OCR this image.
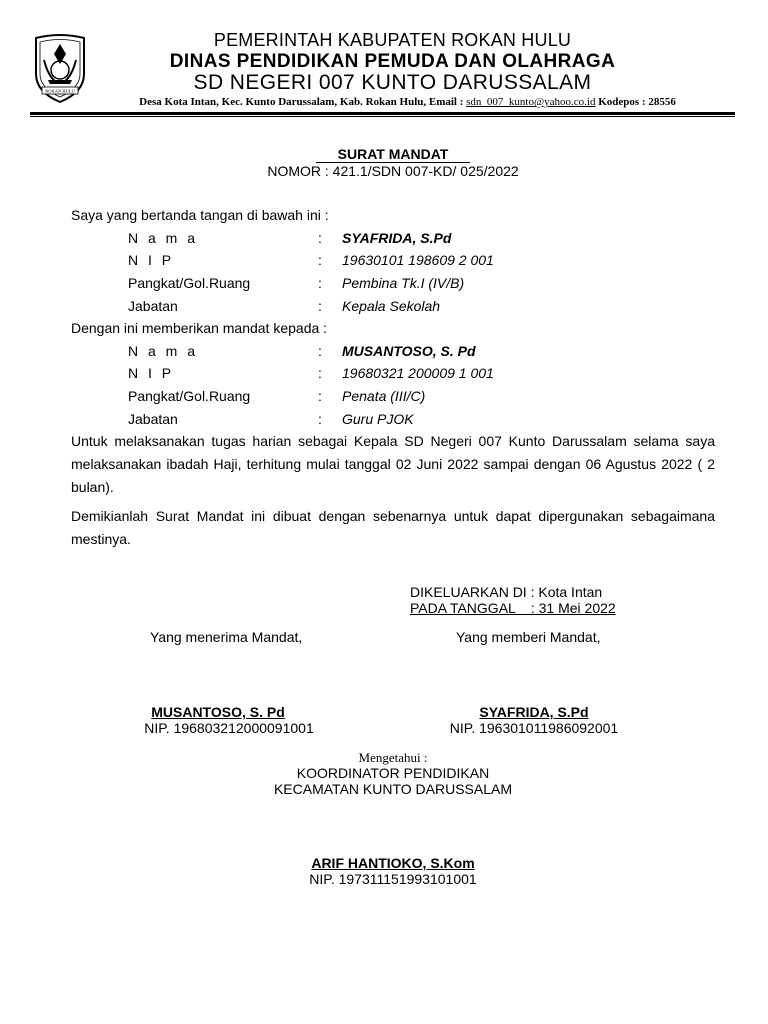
ROKAN HULU
PEMERINTAH KABUPATEN ROKAN HULU
DINAS PENDIDIKAN PEMUDA DAN OLAHRAGA
SD NEGERI 007 KUNTO DARUSSALAM
Desa Kota Intan, Kec. Kunto Darussalam, Kab. Rokan Hulu, Email : sdn_007_kunto@yahoo.co.id Kodepos : 28556
SURAT MANDAT
NOMOR : 421.1/SDN 007-KD/ 025/2022
Saya yang bertanda tangan di bawah ini :
N a m a	: SYAFRIDA, S.Pd
N I P	: 19630101 198609 2 001
Pangkat/Gol.Ruang	: Pembina Tk.I (IV/B)
Jabatan	: Kepala Sekolah
Dengan ini memberikan mandat kepada :
N a m a	: MUSANTOSO, S. Pd
N I P	: 19680321 200009 1 001
Pangkat/Gol.Ruang	: Penata (III/C)
Jabatan	: Guru PJOK
Untuk melaksanakan tugas harian sebagai Kepala SD Negeri 007 Kunto Darussalam selama saya melaksanakan ibadah Haji, terhitung mulai tanggal 02 Juni 2022 sampai dengan 06 Agustus 2022 ( 2 bulan).
Demikianlah Surat Mandat ini dibuat dengan sebenarnya untuk dapat dipergunakan sebagaimana mestinya.
DIKELUARKAN DI : Kota Intan
PADA TANGGAL    : 31 Mei 2022
Yang menerima Mandat,	Yang memberi Mandat,
MUSANTOSO, S. Pd
NIP. 196803212000091001
SYAFRIDA, S.Pd
NIP. 196301011986092001
Mengetahui :
KOORDINATOR PENDIDIKAN
KECAMATAN KUNTO DARUSSALAM
ARIF HANTIOKO, S.Kom
NIP. 197311151993101001
